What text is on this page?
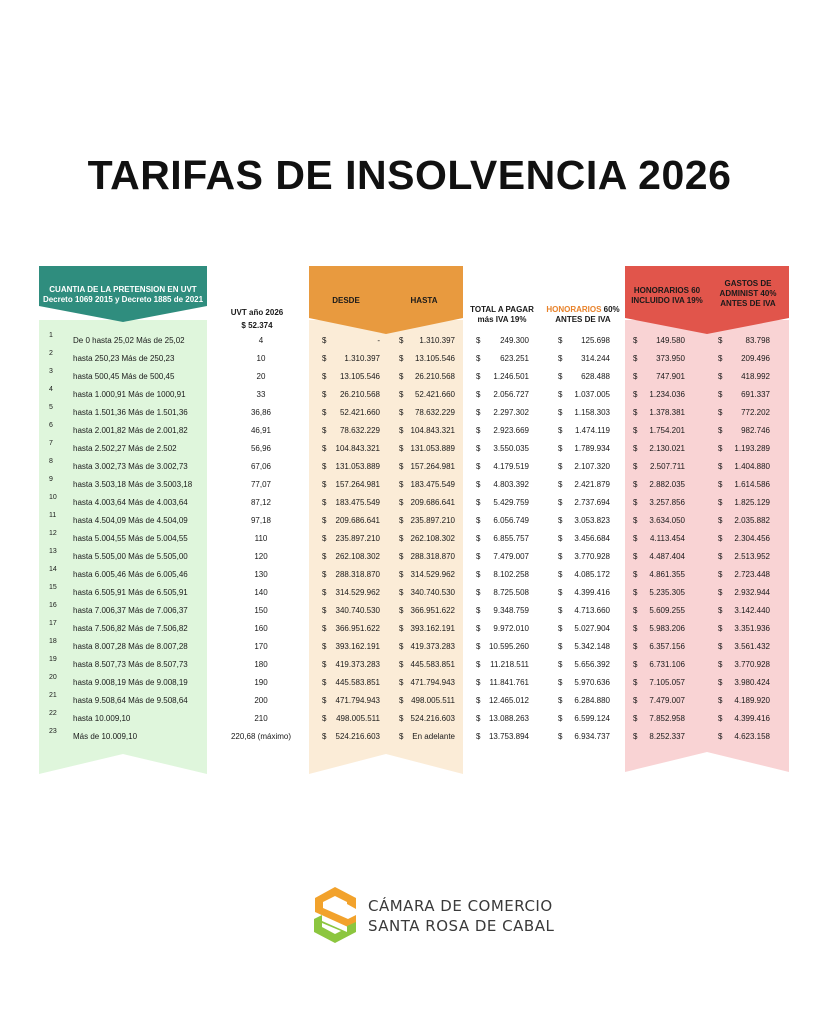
TARIFAS DE INSOLVENCIA 2026
CUANTIA DE LA PRETENSION EN UVT
Decreto 1069 2015 y Decreto 1885 de 2021
UVT año 2026
$ 52.374
DESDE	HASTA
TOTAL A PAGAR
más IVA 19%
HONORARIOS 60%
ANTES DE IVA
HONORARIOS 60
INCLUIDO IVA 19%
GASTOS DE
ADMINIST 40%
ANTES DE IVA
1
De 0 hasta 25,02 Más de 25,02	4	$	- $	1.310.397	$	249.300	$	125.698	$	149.580	$	83.798
2
hasta 250,23 Más de 250,23	10	$	1.310.397 $	13.105.546	$	623.251	$	314.244	$	373.950	$	209.496
3
hasta 500,45 Más de 500,45	20	$	13.105.546 $	26.210.568	$	1.246.501	$	628.488	$	747.901	$	418.992
4
hasta 1.000,91 Más de 1000,91	33	$	26.210.568 $	52.421.660	$	2.056.727	$	1.037.005	$	1.234.036	$	691.337
5
hasta 1.501,36 Más de 1.501,36	36,86	$	52.421.660 $	78.632.229	$	2.297.302	$	1.158.303	$	1.378.381	$	772.202
6
hasta 2.001,82 Más de 2.001,82	46,91	$	78.632.229 $ 104.843.321	$	2.923.669	$	1.474.119	$	1.754.201	$	982.746
7
hasta 2.502,27 Más de 2.502	56,96	$	104.843.321 $ 131.053.889	$	3.550.035	$	1.789.934	$	2.130.021	$	1.193.289
8
hasta 3.002,73 Más de 3.002,73	67,06	$	131.053.889 $ 157.264.981	$	4.179.519	$	2.107.320	$	2.507.711	$	1.404.880
9
hasta 3.503,18 Más de 3.5003,18	77,07	$	157.264.981 $ 183.475.549	$	4.803.392	$	2.421.879	$	2.882.035	$	1.614.586
10
hasta 4.003,64 Más de 4.003,64	87,12	$	183.475.549 $ 209.686.641	$	5.429.759	$	2.737.694	$	3.257.856	$	1.825.129
11
hasta 4.504,09 Más de 4.504,09	97,18	$	209.686.641 $ 235.897.210	$	6.056.749	$	3.053.823	$	3.634.050	$	2.035.882
12
hasta 5.004,55 Más de 5.004,55	110	$	235.897.210 $ 262.108.302	$	6.855.757	$	3.456.684	$	4.113.454	$	2.304.456
13
hasta 5.505,00 Más de 5.505,00	120	$	262.108.302 $ 288.318.870	$	7.479.007	$	3.770.928	$	4.487.404	$	2.513.952
14
hasta 6.005,46 Más de 6.005,46	130	$	288.318.870 $ 314.529.962	$	8.102.258	$	4.085.172	$	4.861.355	$	2.723.448
15
hasta 6.505,91 Más de 6.505,91	140	$	314.529.962 $ 340.740.530	$	8.725.508	$	4.399.416	$	5.235.305	$	2.932.944
16
hasta 7.006,37 Más de 7.006,37	150	$	340.740.530 $ 366.951.622	$	9.348.759	$	4.713.660	$	5.609.255	$	3.142.440
17
hasta 7.506,82 Más de 7.506,82	160	$	366.951.622 $ 393.162.191	$	9.972.010	$	5.027.904	$	5.983.206	$	3.351.936
18
hasta 8.007,28 Más de 8.007,28	170	$	393.162.191 $ 419.373.283	$	10.595.260	$	5.342.148	$	6.357.156	$	3.561.432
19
hasta 8.507,73 Más de 8.507,73	180	$	419.373.283 $ 445.583.851	$	11.218.511	$	5.656.392	$	6.731.106	$	3.770.928
20
hasta 9.008,19 Más de 9.008,19	190	$	445.583.851 $ 471.794.943	$	11.841.761	$	5.970.636	$	7.105.057	$	3.980.424
21
hasta 9.508,64 Más de 9.508,64	200	$	471.794.943 $ 498.005.511	$	12.465.012	$	6.284.880	$	7.479.007	$	4.189.920
22
hasta 10.009,10	210	$	498.005.511 $ 524.216.603	$	13.088.263	$	6.599.124	$	7.852.958	$	4.399.416
23
Más de 10.009,10	220,68 (máximo)	$	524.216.603 $	En adelante	$	13.753.894	$	6.934.737	$	8.252.337	$	4.623.158
CÁMARA DE COMERCIO
SANTA ROSA DE CABAL
